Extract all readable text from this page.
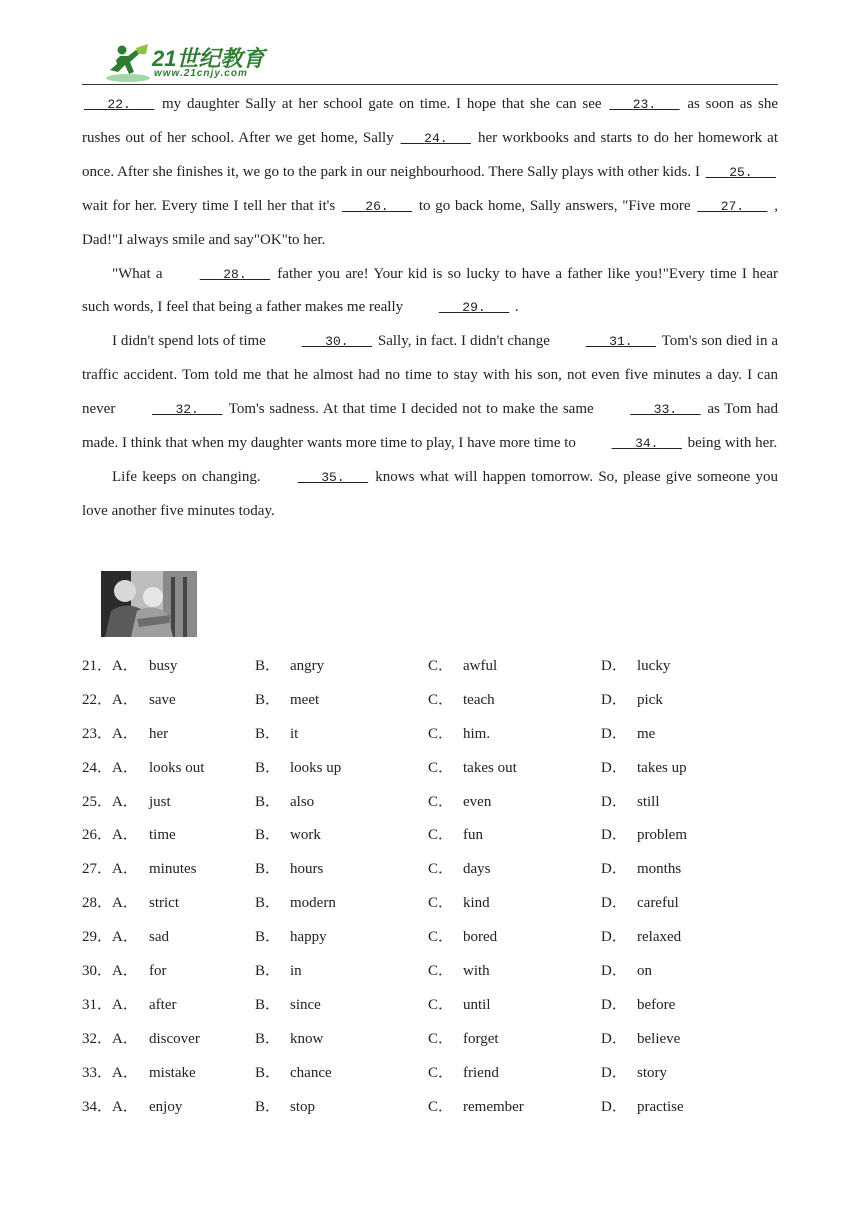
21世纪教育
www.21cnjy.com

22. my daughter Sally at her school gate on time. I hope that she can see 23. as soon as she rushes out of her school. After we get home, Sally 24. her workbooks and starts to do her homework at once. After she finishes it, we go to the park in our neighbourhood. There Sally plays with other kids. I 25. wait for her. Every time I tell her that it's 26. to go back home, Sally answers, "Five more 27. , Dad!"I always smile and say"OK"to her.

"What a	28. father you are! Your kid is so lucky to have a father like you!"Every time I hear such words, I feel that being a father makes me really	29. .

I didn't spend lots of time	30. Sally, in fact. I didn't change	31. Tom's son died in a traffic accident. Tom told me that he almost had no time to stay with his son, not even five minutes a day. I can never	32. Tom's sadness. At that time I decided not to make the same	33. as Tom had made. I think that when my daughter wants more time to play, I have more time to	34. being with her.

Life keeps on changing.	35. knows what will happen tomorrow. So, please give someone you love another five minutes today.

21． A． busy	B． angry	C． awful	D． lucky
22． A． save	B． meet	C． teach	D． pick
23． A． her	B． it	C． him.	D． me
24． A． looks out	B． looks up	C． takes out	D． takes up
25． A． just	B． also	C． even	D． still
26． A． time	B． work	C． fun	D． problem
27． A． minutes	B． hours	C． days	D． months
28． A． strict	B． modern	C． kind	D． careful
29． A． sad	B． happy	C． bored	D． relaxed
30． A． for	B． in	C． with	D． on
31． A． after	B． since	C． until	D． before
32． A． discover	B． know	C． forget	D． believe
33． A． mistake	B． chance	C． friend	D． story
34． A． enjoy	B． stop	C． remember	D． practise
